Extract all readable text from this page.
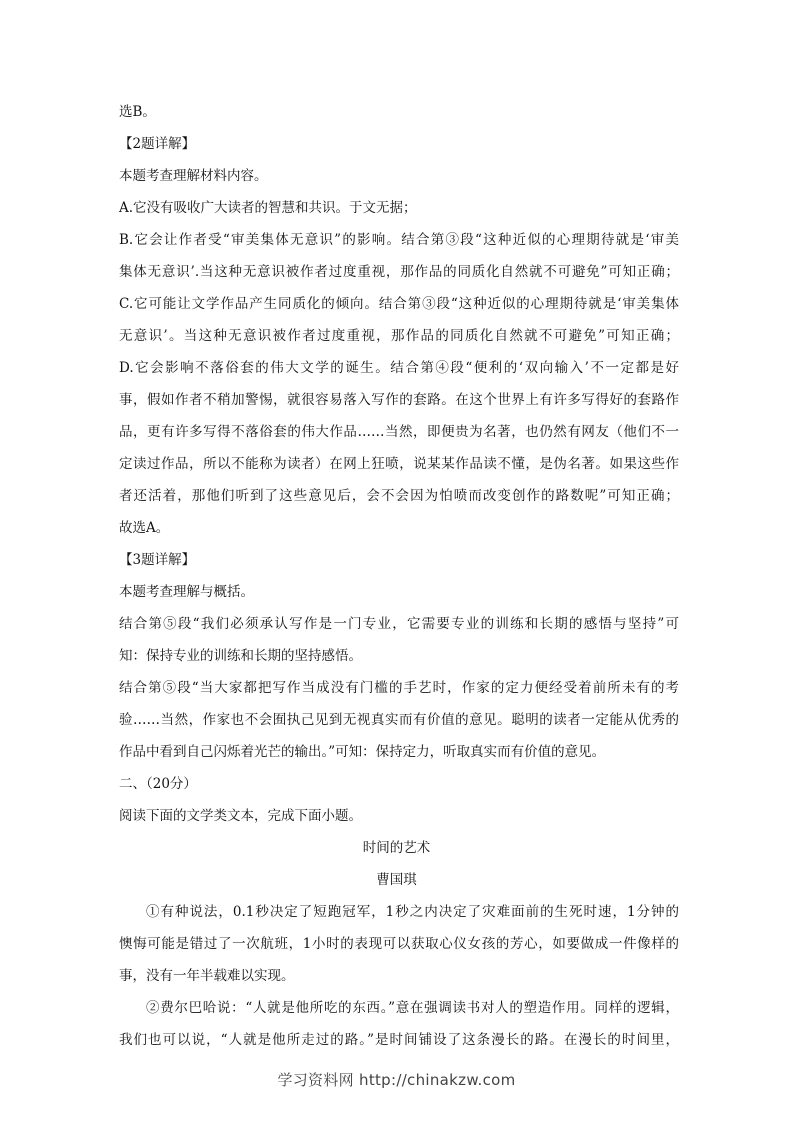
选B。
【2题详解】
本题考查理解材料内容。
A.它没有吸收广大读者的智慧和共识。于文无据；
B.它会让作者受“审美集体无意识”的影响。结合第③段“这种近似的心理期待就是‘审美
集体无意识’.当这种无意识被作者过度重视，那作品的同质化自然就不可避免”可知正确；
C.它可能让文学作品产生同质化的倾向。结合第③段“这种近似的心理期待就是‘审美集体
无意识’。当这种无意识被作者过度重视，那作品的同质化自然就不可避免”可知正确；
D.它会影响不落俗套的伟大文学的诞生。结合第④段“便利的‘双向输入’不一定都是好
事，假如作者不稍加警惕，就很容易落入写作的套路。在这个世界上有许多写得好的套路作
品，更有许多写得不落俗套的伟大作品……当然，即便贵为名著，也仍然有网友（他们不一
定读过作品，所以不能称为读者）在网上狂喷，说某某作品读不懂，是伪名著。如果这些作
者还活着，那他们听到了这些意见后，会不会因为怕喷而改变创作的路数呢”可知正确；
故选A。
【3题详解】
本题考查理解与概括。
结合第⑤段“我们必须承认写作是一门专业，它需要专业的训练和长期的感悟与坚持”可
知：保持专业的训练和长期的坚持感悟。
结合第⑤段“当大家都把写作当成没有门槛的手艺时，作家的定力便经受着前所未有的考
验……当然，作家也不会囿执己见到无视真实而有价值的意见。聪明的读者一定能从优秀的
作品中看到自己闪烁着光芒的输出。”可知：保持定力，听取真实而有价值的意见。
二、（20分）
阅读下面的文学类文本，完成下面小题。
时间的艺术
曹国琪
①有种说法，0.1秒决定了短跑冠军，1秒之内决定了灾难面前的生死时速，1分钟的
懊悔可能是错过了一次航班，1小时的表现可以获取心仪女孩的芳心，如要做成一件像样的
事，没有一年半载难以实现。
②费尔巴哈说：“人就是他所吃的东西。”意在强调读书对人的塑造作用。同样的逻辑，
我们也可以说，“人就是他所走过的路。”是时间铺设了这条漫长的路。在漫长的时间里，
学习资料网 http://chinakzw.com
